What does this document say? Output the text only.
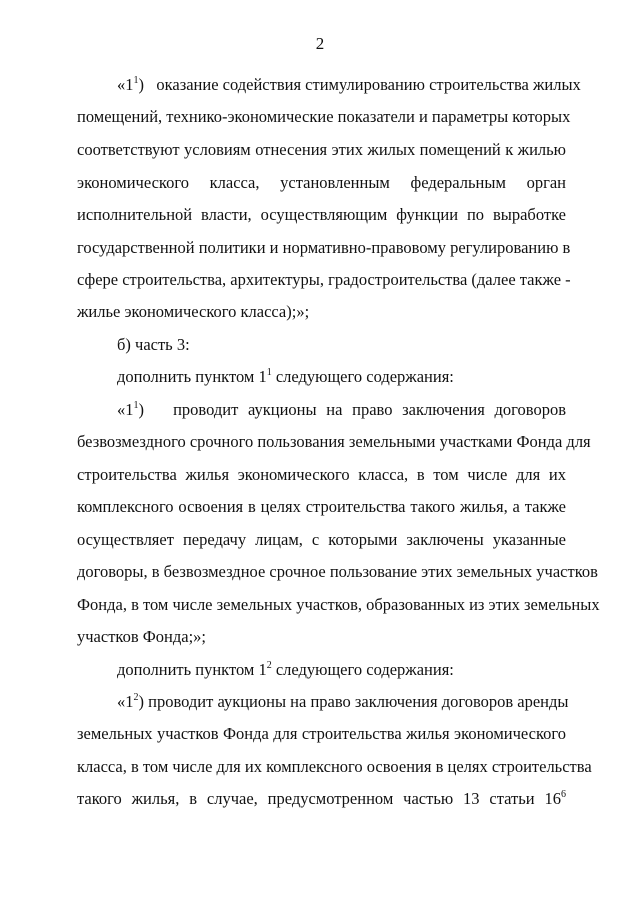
2
«$1^1$) оказание содействия стимулированию строительства жилых
помещений, технико-экономические показатели и параметры которых
соответствуют условиям отнесения этих жилых помещений к жилью
экономического класса, установленным федеральным орган
исполнительной власти, осуществляющим функции по выработке
государственной политики и нормативно-правовому регулированию в
сфере строительства, архитектуры, градостроительства (далее также -
жилье экономического класса);»;
б) часть 3:
дополнить пунктом $1^1$ следующего содержания:
«$1^1$) проводит аукционы на право заключения договоров
безвозмездного срочного пользования земельными участками Фонда для
строительства жилья экономического класса, в том числе для их
комплексного освоения в целях строительства такого жилья, а также
осуществляет передачу лицам, с которыми заключены указанные
договоры, в безвозмездное срочное пользование этих земельных участков
Фонда, в том числе земельных участков, образованных из этих земельных
участков Фонда;»;
дополнить пунктом $1^2$ следующего содержания:
«$1^2$) проводит аукционы на право заключения договоров аренды
земельных участков Фонда для строительства жилья экономического
класса, в том числе для их комплексного освоения в целях строительства
такого жилья, в случае, предусмотренном частью 13 статьи $16^6$
